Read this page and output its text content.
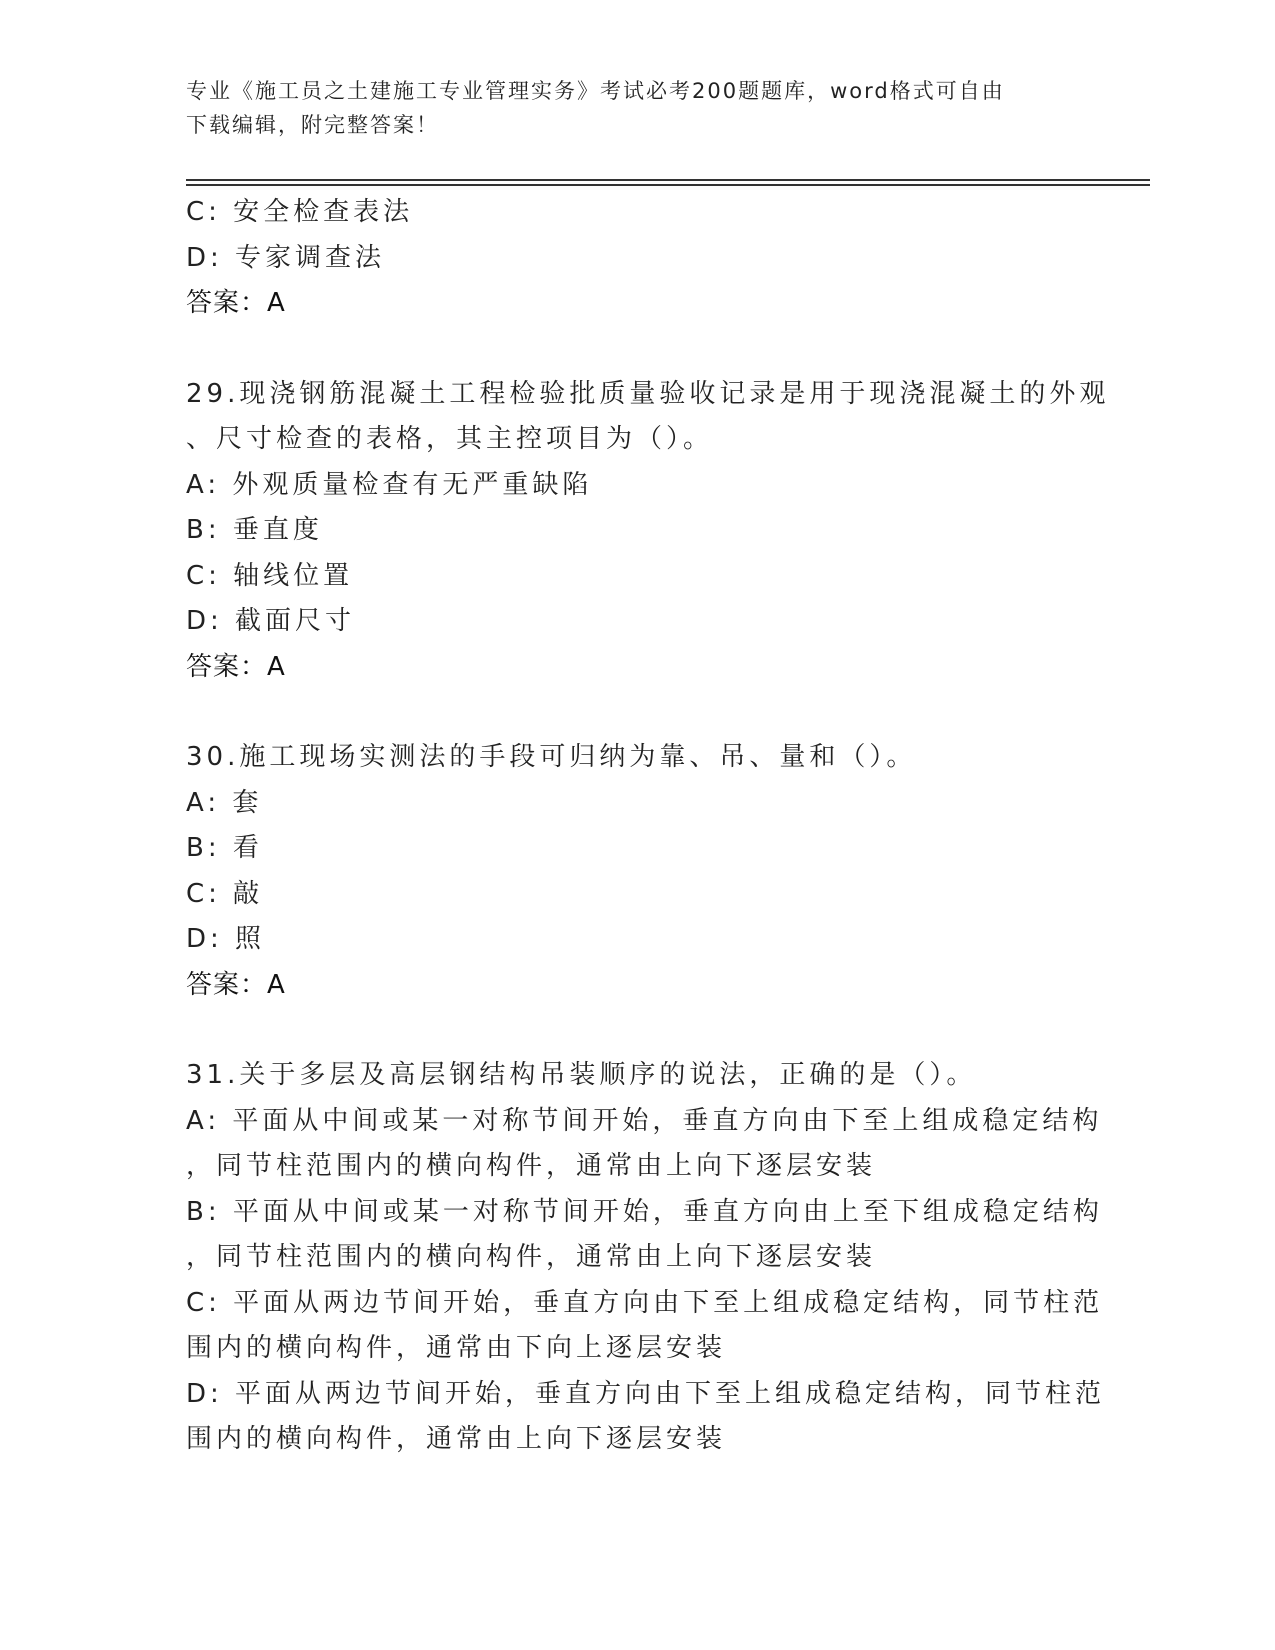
专业《施工员之土建施工专业管理实务》考试必考200题题库，word格式可自由
下载编辑，附完整答案！
C: 安全检查表法
D: 专家调查法
答案：A
29.现浇钢筋混凝土工程检验批质量验收记录是用于现浇混凝土的外观
、尺寸检查的表格，其主控项目为（）。
A: 外观质量检查有无严重缺陷
B: 垂直度
C: 轴线位置
D: 截面尺寸
答案：A
30.施工现场实测法的手段可归纳为靠、吊、量和（）。
A: 套
B: 看
C: 敲
D: 照
答案：A
31.关于多层及高层钢结构吊装顺序的说法，正确的是（）。
A: 平面从中间或某一对称节间开始，垂直方向由下至上组成稳定结构
，同节柱范围内的横向构件，通常由上向下逐层安装
B: 平面从中间或某一对称节间开始，垂直方向由上至下组成稳定结构
，同节柱范围内的横向构件，通常由上向下逐层安装
C: 平面从两边节间开始，垂直方向由下至上组成稳定结构，同节柱范
围内的横向构件，通常由下向上逐层安装
D: 平面从两边节间开始，垂直方向由下至上组成稳定结构，同节柱范
围内的横向构件，通常由上向下逐层安装
